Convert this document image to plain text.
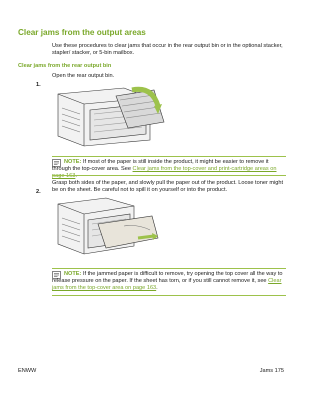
Clear jams from the output areas
Use these procedures to clear jams that occur in the rear output bin or in the optional stacker, stapler/ stacker, or 5-bin mailbox.
Clear jams from the rear output bin
1.
Open the rear output bin.
NOTE: If most of the paper is still inside the product, it might be easier to remove it through the top-cover area. See Clear jams from the top-cover and print-cartridge areas on page 163.
2.
Grasp both sides of the paper, and slowly pull the paper out of the product. Loose toner might be on the sheet. Be careful not to spill it on yourself or into the product.
NOTE: If the jammed paper is difficult to remove, try opening the top cover all the way to release pressure on the paper. If the sheet has torn, or if you still cannot remove it, see Clear jams from the top-cover area on page 163.
ENWW	Jams 175
